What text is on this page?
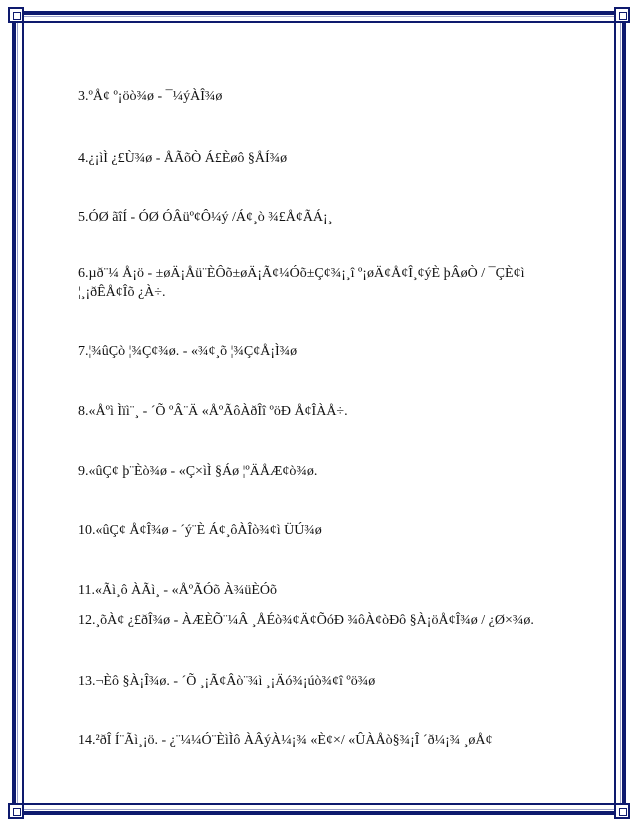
3.ºÅ¢ º¡öò¾ø - ¯¼ýÀÎ¾ø
4.¿¡ìÌ ¿£Ù¾ø - ÅÃõÒ Á£Èøô §ÅÍ¾ø
5.ÓØ ãîÍ - ÓØ ÓÂüº¢Ô¼ý /Á¢¸ò ¾£Å¢ÃÁ¡¸
6.µð¨¼ Å¡ö - ±øÄ¡Åü¨ÈÔõ±øÄ¡Ã¢¼Óõ±Ç¢¾¡¸î º¡øÄ¢Å¢Î¸¢ýÈ þÂøÒ / ¯ÇÈ¢ì
¦¸¡ðÊÅ¢Îõ ¿À÷.
7.¦¾ûÇò ¦¾Ç¢¾ø. - «¾¢¸õ ¦¾Ç¢Å¡Ì¾ø
8.«Åºì Ìïì¨¸ - ´Õ ºÂ¨Ä «ÅºÃôÀðÎî ºöÐ Å¢ÎÀÅ÷.
9.«ûÇ¢ þ¨Èò¾ø - «Ç×ìÌ §Áø ¦ºÄÅÆ¢ò¾ø.
10.«ûÇ¢ Å¢Î¾ø - ´ý¨È Á¢¸ôÀÎò¾¢ì ÜÚ¾ø
11.«Ãì¸ô ÀÃì¸ - «ÅºÃÓõ À¾üÈÓõ
12.¸õÀ¢ ¿£ðÎ¾ø - ÀÆÈÕ¨¼Â ¸ÅÉò¾¢Ä¢ÕóÐ ¾ôÀ¢òÐô §À¡öÅ¢Î¾ø / ¿Ø×¾ø.
13.¬Èô §À¡Î¾ø. - ´Õ ¸¡Ã¢Âò¨¾ì ¸¡Äó¾¡úò¾¢î ºö¾ø
14.²ðÎ Í¨Ãì¸¡ö. - ¿¨¼¼Ó¨ÈìÌô ÀÂýÀ¼¡¾ «È¢×/ «ÛÀÅò§¾¡Î ´ð¼¡¾ ¸øÅ¢
